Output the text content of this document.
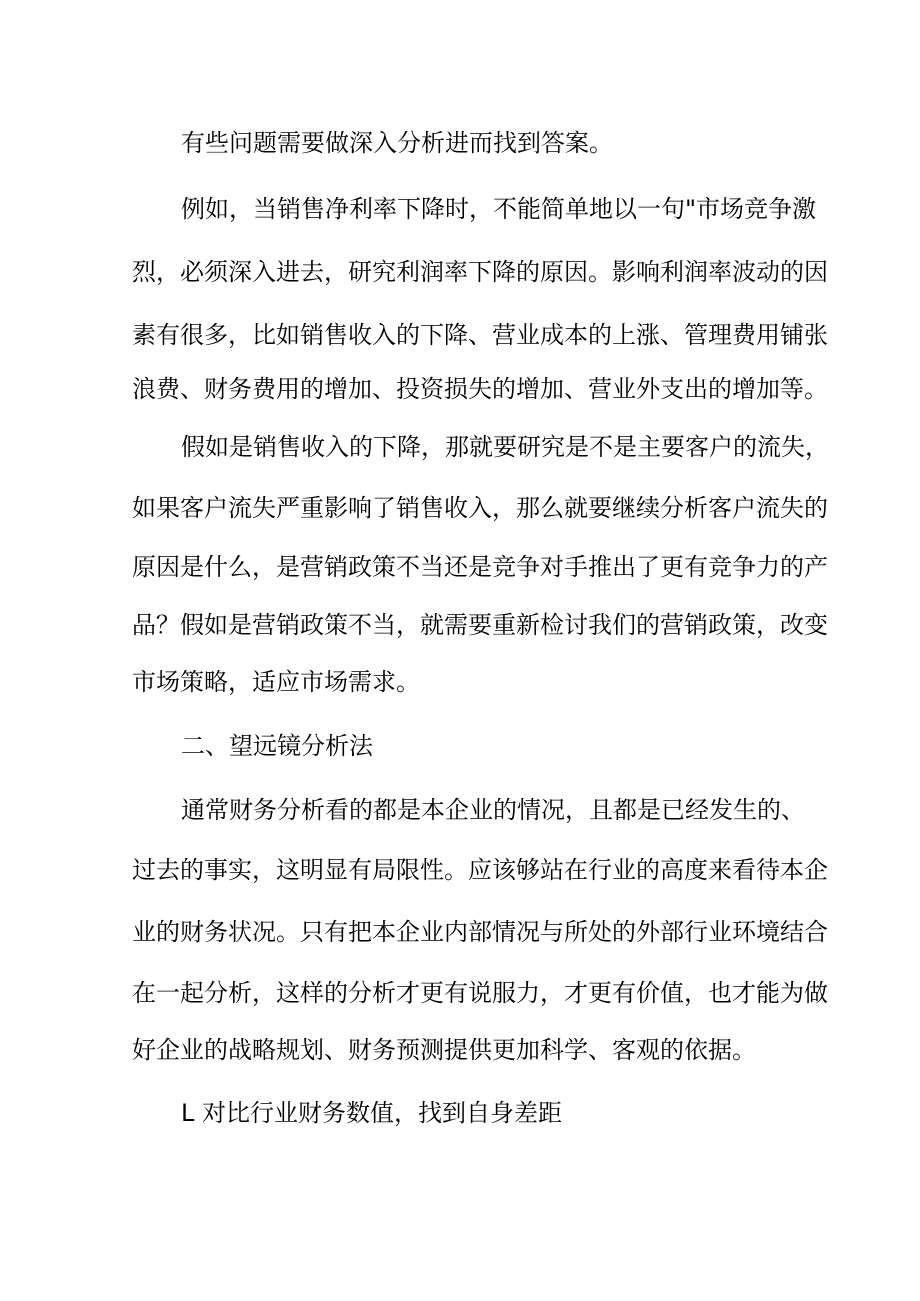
有些问题需要做深入分析进而找到答案。
例如，当销售净利率下降时，不能简单地以一句"市场竞争激
烈，必须深入进去，研究利润率下降的原因。影响利润率波动的因
素有很多，比如销售收入的下降、营业成本的上涨、管理费用铺张
浪费、财务费用的增加、投资损失的增加、营业外支出的增加等。
假如是销售收入的下降，那就要研究是不是主要客户的流失，
如果客户流失严重影响了销售收入，那么就要继续分析客户流失的
原因是什么，是营销政策不当还是竞争对手推出了更有竞争力的产
品？假如是营销政策不当，就需要重新检讨我们的营销政策，改变
市场策略，适应市场需求。
二、望远镜分析法
通常财务分析看的都是本企业的情况，且都是已经发生的、
过去的事实，这明显有局限性。应该够站在行业的高度来看待本企
业的财务状况。只有把本企业内部情况与所处的外部行业环境结合
在一起分析，这样的分析才更有说服力，才更有价值，也才能为做
好企业的战略规划、财务预测提供更加科学、客观的依据。
L 对比行业财务数值，找到自身差距
